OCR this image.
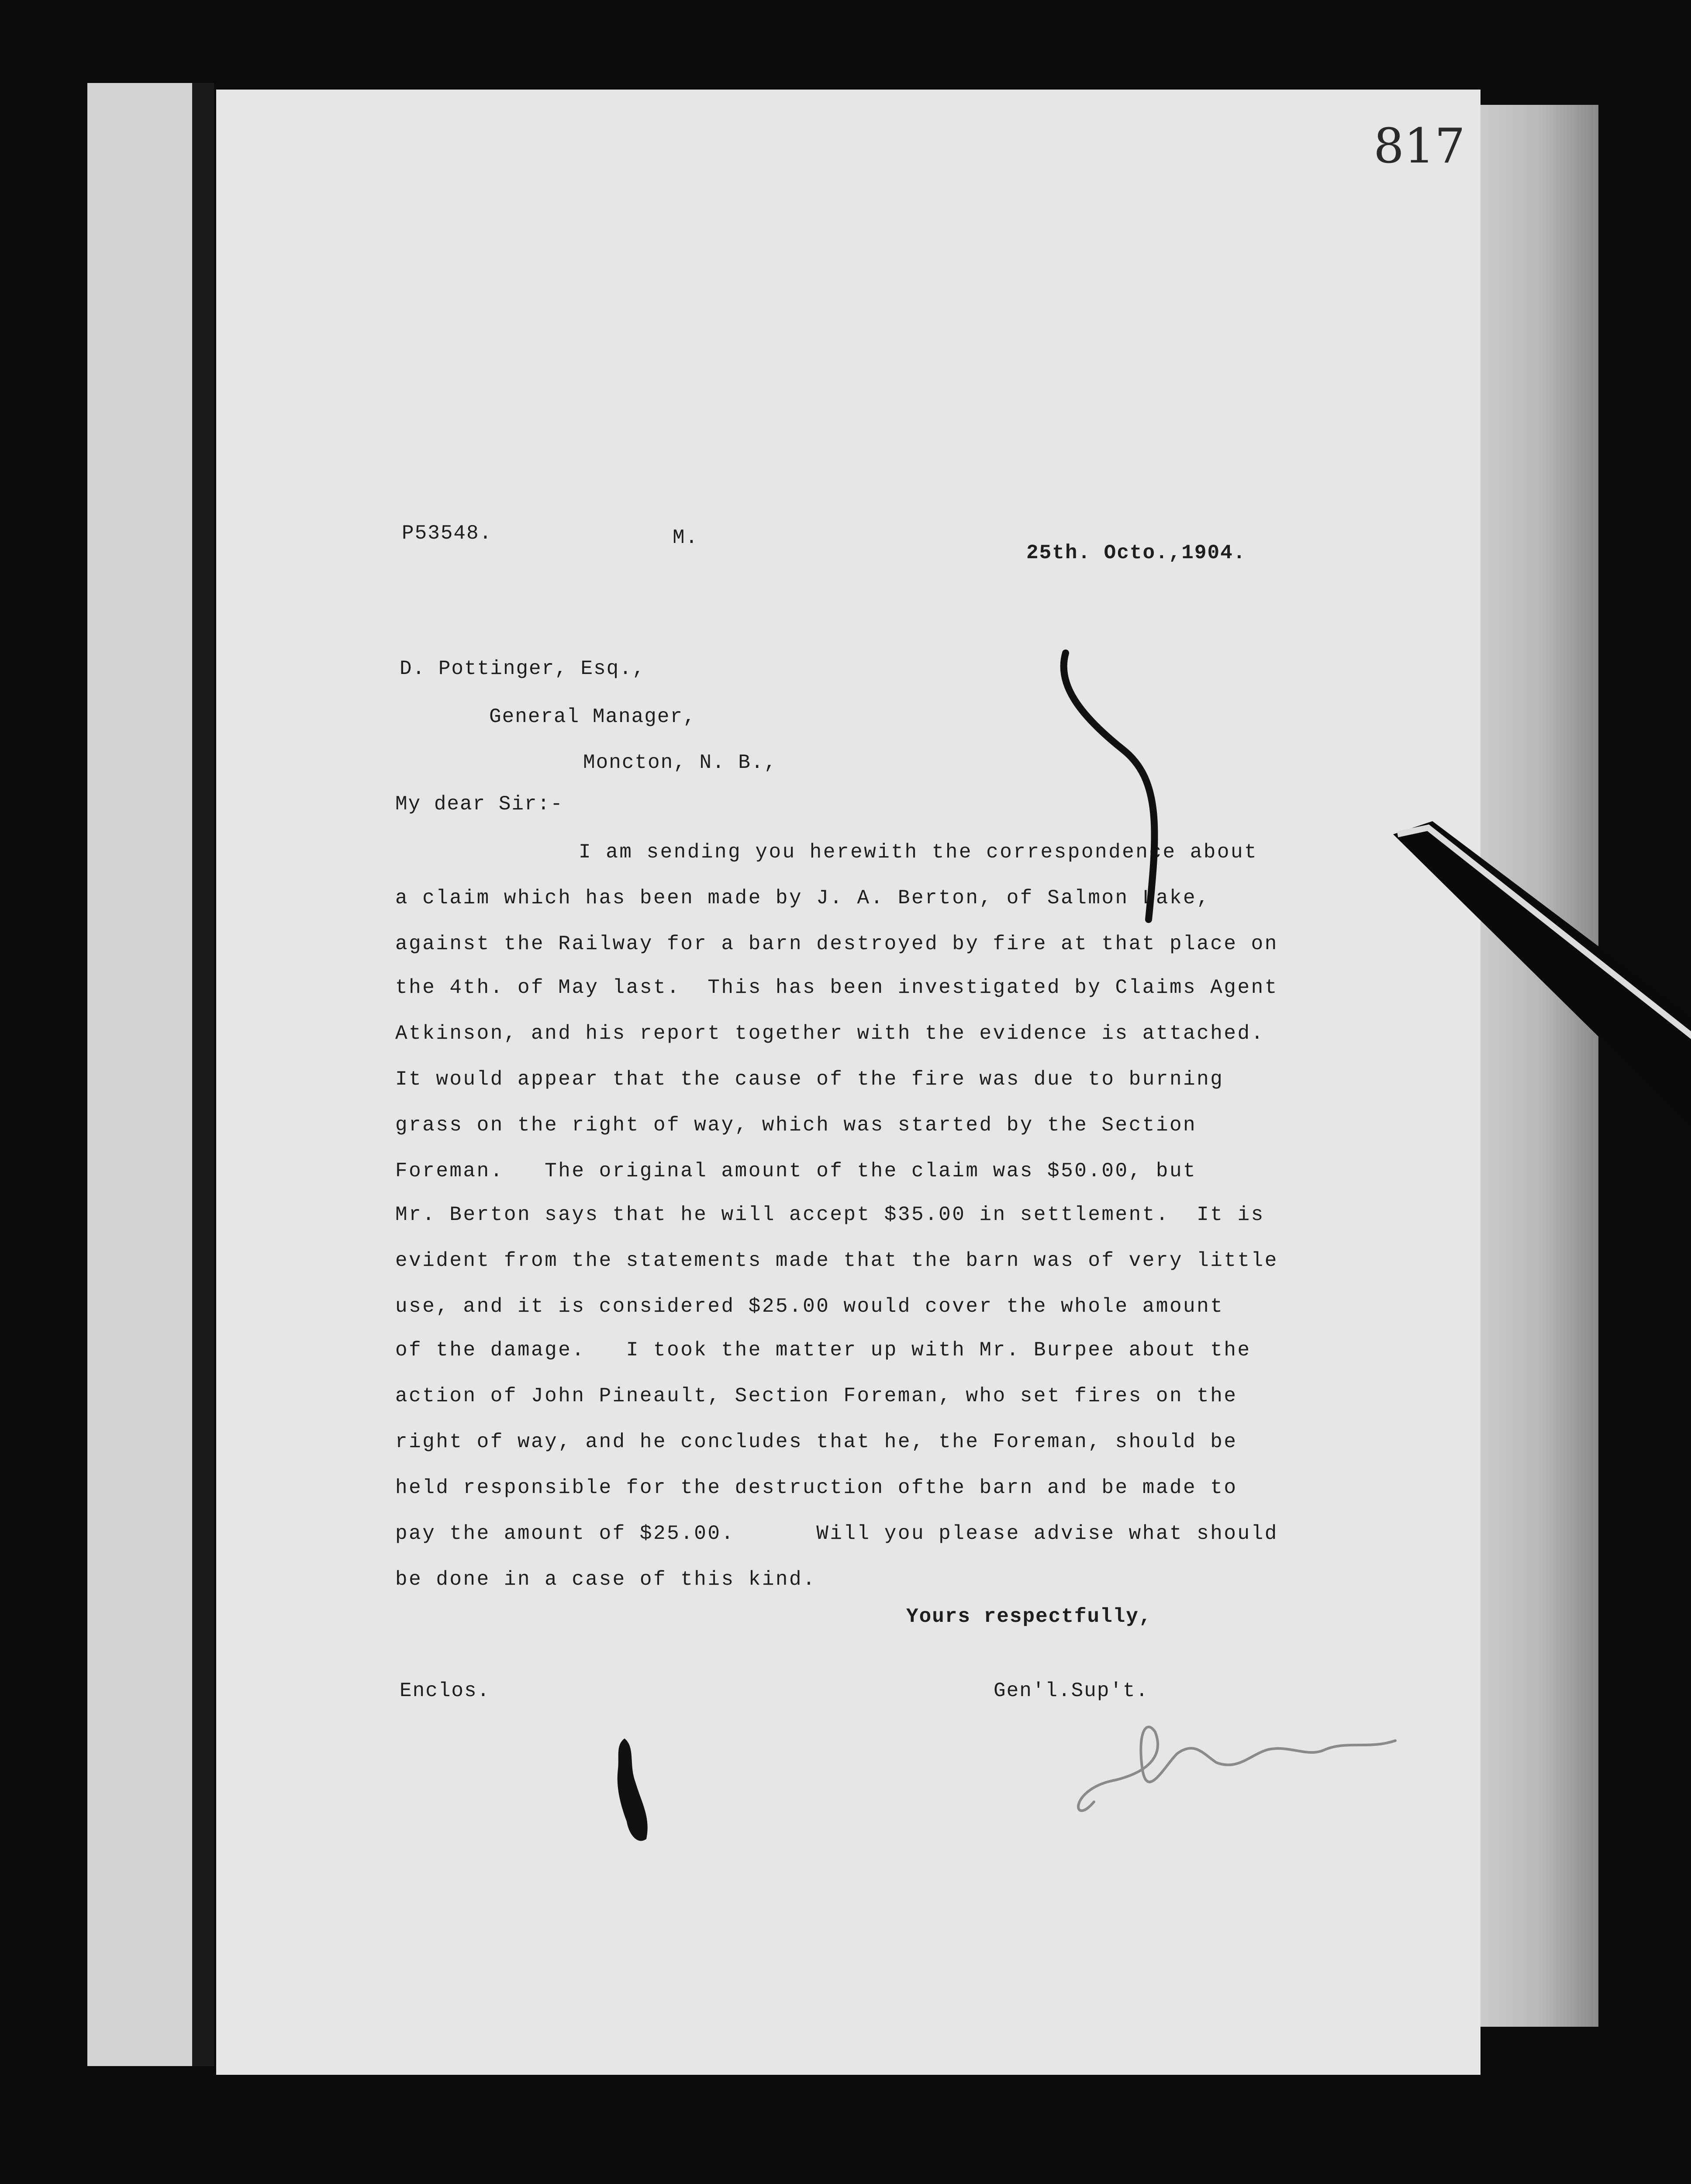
817
P53548.	M.
25th. Octo.,1904.
D. Pottinger, Esq.,
General Manager,
Moncton, N. B.,
My dear Sir:-
I am sending you herewith the correspondence about
a claim which has been made by J. A. Berton, of Salmon Lake,
against the Railway for a barn destroyed by fire at that place on
the 4th. of May last.  This has been investigated by Claims Agent
Atkinson, and his report together with the evidence is attached.
It would appear that the cause of the fire was due to burning
grass on the right of way, which was started by the Section
Foreman.   The original amount of the claim was $50.00, but
Mr. Berton says that he will accept $35.00 in settlement.  It is
evident from the statements made that the barn was of very little
use, and it is considered $25.00 would cover the whole amount
of the damage.   I took the matter up with Mr. Burpee about the
action of John Pineault, Section Foreman, who set fires on the
right of way, and he concludes that he, the Foreman, should be
held responsible for the destruction ofthe barn and be made to
pay the amount of $25.00.      Will you please advise what should
be done in a case of this kind.
Yours respectfully,
Gen'l.Sup't.
Enclos.
